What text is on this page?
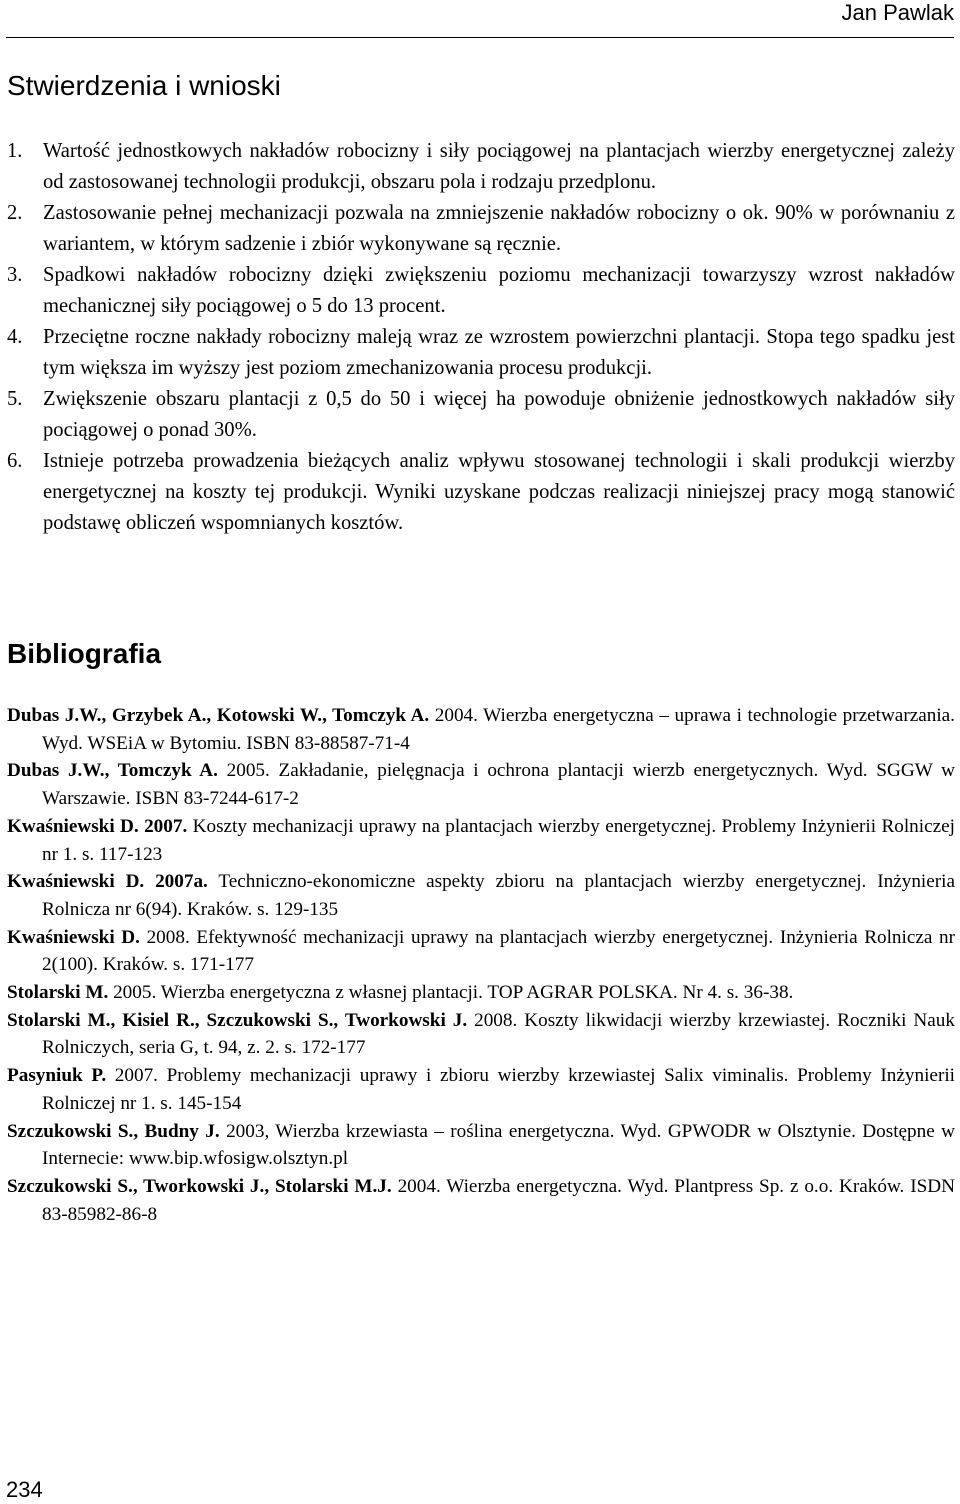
Jan Pawlak
Stwierdzenia i wnioski
1. Wartość jednostkowych nakładów robocizny i siły pociągowej na plantacjach wierzby energetycznej zależy od zastosowanej technologii produkcji, obszaru pola i rodzaju przedplonu.
2. Zastosowanie pełnej mechanizacji pozwala na zmniejszenie nakładów robocizny o ok. 90% w porównaniu z wariantem, w którym sadzenie i zbiór wykonywane są ręcznie.
3. Spadkowi nakładów robocizny dzięki zwiększeniu poziomu mechanizacji towarzyszy wzrost nakładów mechanicznej siły pociągowej o 5 do 13 procent.
4. Przeciętne roczne nakłady robocizny maleją wraz ze wzrostem powierzchni plantacji. Stopa tego spadku jest tym większa im wyższy jest poziom zmechanizowania procesu produkcji.
5. Zwiększenie obszaru plantacji z 0,5 do 50 i więcej ha powoduje obniżenie jednostkowych nakładów siły pociągowej o ponad 30%.
6. Istnieje potrzeba prowadzenia bieżących analiz wpływu stosowanej technologii i skali produkcji wierzby energetycznej na koszty tej produkcji. Wyniki uzyskane podczas realizacji niniejszej pracy mogą stanowić podstawę obliczeń wspomnianych kosztów.
Bibliografia
Dubas J.W., Grzybek A., Kotowski W., Tomczyk A. 2004. Wierzba energetyczna – uprawa i technologie przetwarzania. Wyd. WSEiA w Bytomiu. ISBN 83-88587-71-4
Dubas J.W., Tomczyk A. 2005. Zakładanie, pielęgnacja i ochrona plantacji wierzb energetycznych. Wyd. SGGW w Warszawie. ISBN 83-7244-617-2
Kwaśniewski D. 2007. Koszty mechanizacji uprawy na plantacjach wierzby energetycznej. Problemy Inżynierii Rolniczej nr 1. s. 117-123
Kwaśniewski D. 2007a. Techniczno-ekonomiczne aspekty zbioru na plantacjach wierzby energetycznej. Inżynieria Rolnicza nr 6(94). Kraków. s. 129-135
Kwaśniewski D. 2008. Efektywność mechanizacji uprawy na plantacjach wierzby energetycznej. Inżynieria Rolnicza nr 2(100). Kraków. s. 171-177
Stolarski M. 2005. Wierzba energetyczna z własnej plantacji. TOP AGRAR POLSKA. Nr 4. s. 36-38.
Stolarski M., Kisiel R., Szczukowski S., Tworkowski J. 2008. Koszty likwidacji wierzby krzewiastej. Roczniki Nauk Rolniczych, seria G, t. 94, z. 2. s. 172-177
Pasyniuk P. 2007. Problemy mechanizacji uprawy i zbioru wierzby krzewiastej Salix viminalis. Problemy Inżynierii Rolniczej nr 1. s. 145-154
Szczukowski S., Budny J. 2003, Wierzba krzewiasta – roślina energetyczna. Wyd. GPWODR w Olsztynie. Dostępne w Internecie: www.bip.wfosigw.olsztyn.pl
Szczukowski S., Tworkowski J., Stolarski M.J. 2004. Wierzba energetyczna. Wyd. Plantpress Sp. z o.o. Kraków. ISDN 83-85982-86-8
234
